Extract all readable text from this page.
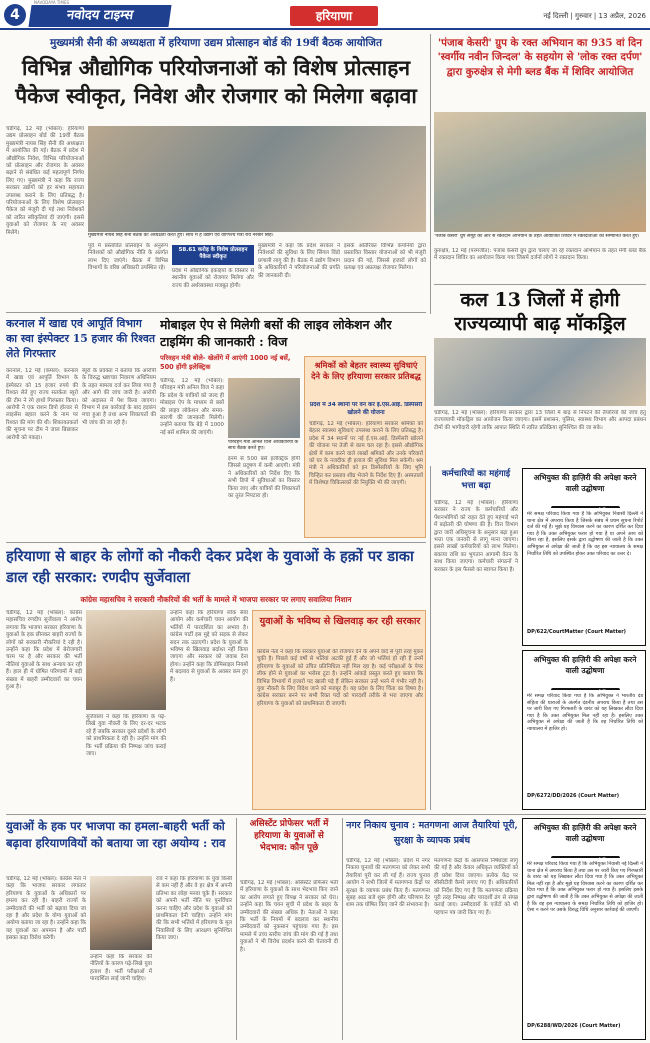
4	नवोदय टाइम्स
NAVODAYA TIMES
हरियाणा	नई दिल्ली | गुरुवार | 13 अप्रैल, 2026
मुख्यमंत्री सैनी की अध्यक्षता में हरियाणा उद्यम प्रोत्साहन बोर्ड की 19वीं बैठक आयोजित
विभिन्न औद्योगिक परियोजनाओं को विशेष प्रोत्साहन पैकेज स्वीकृत, निवेश और रोजगार को मिलेगा बढ़ावा
चंडीगढ़, 12 मई (भोबल): हरियाणा उद्यम प्रोत्साहन बोर्ड की 19वीं बैठक मुख्यमंत्री नायब सिंह सैनी की अध्यक्षता में आयोजित की गई। बैठक में प्रदेश में औद्योगिक निवेश, विभिन्न परियोजनाओं को प्रोत्साहन और रोजगार के अवसर बढ़ाने से संबंधित कई महत्वपूर्ण निर्णय लिए गए। मुख्यमंत्री ने कहा कि राज्य सरकार उद्योगों को हर संभव सहायता उपलब्ध कराने के लिए प्रतिबद्ध है। परियोजनाओं के लिए विशेष प्रोत्साहन पैकेज को मंजूरी दी गई तथा निवेशकों को त्वरित स्वीकृतियां दी जाएंगी। इससे युवाओं को रोजगार के नए अवसर मिलेंगे।	मुख्यमंत्री नायब सिंह सैनी बैठक की अध्यक्षता करते हुए। साथ में हैं उद्योग एवं वाणिज्य मंत्री राव नरबीर सिंह।
पूर्व में प्रस्तावित प्रोत्साहन के अनुरूप निवेशकों को औद्योगिक नीति के अंतर्गत लाभ दिए जाएंगे। बैठक में विभिन्न विभागों के वरिष्ठ अधिकारी उपस्थित रहे।
58.61 करोड़ के विशेष प्रोत्साहन पैकेज स्वीकृत
प्रदेश में औद्योगिक इकाइयों के विस्तार से स्थानीय युवाओं को रोजगार मिलेगा और राज्य की अर्थव्यवस्था मजबूत होगी।
मुख्यमंत्री ने कहा कि प्रदेश सरकार ने निवेशकों की सुविधा के लिए सिंगल विंडो प्रणाली लागू की है। बैठक में उद्योग विभाग के अधिकारियों ने परियोजनाओं की प्रगति की जानकारी दी।
इसके अतिरिक्त विभिन्न कंपनियों द्वारा प्रस्तावित विस्तार योजनाओं को भी मंजूरी प्रदान की गई, जिससे हजारों लोगों को प्रत्यक्ष एवं अप्रत्यक्ष रोजगार मिलेगा।
'पंजाब केसरी' ग्रुप के रक्त अभियान का 935 वां दिन 'स्वर्गीय नवीन जिन्दल' के सहयोग से 'लोक रक्त दर्पण' द्वारा कुरुक्षेत्र से मेगी ब्लड बैंक में शिविर आयोजित
'पंजाब केसरी' ग्रुप समूह की ओर से रक्तदान अभियान के तहत आयोजित शिविर में रक्तदाताओं को सम्मानित करते हुए।
कुरुक्षेत्र, 12 मई (परमजीत): पंजाब केसरी ग्रुप द्वारा चलाए जा रहे रक्तदान अभियान के तहत मेगी ब्लड बैंक में रक्तदान शिविर का आयोजन किया गया जिसमें दर्जनों लोगों ने रक्तदान किया।
कल 13 जिलों में होगी राज्यव्यापी बाढ़ मॉकड्रिल
चंडीगढ़, 12 मई (भोबल): हरियाणा सरकार द्वारा 13 जिलों में बाढ़ से निपटने की तैयारियों की जांच हेतु राज्यव्यापी मॉकड्रिल का आयोजन किया जाएगा। इसमें प्रशासन, पुलिस, स्वास्थ्य विभाग और आपदा प्रबंधन टीमों की भागीदारी रहेगी ताकि आपात स्थिति में त्वरित प्रतिक्रिया सुनिश्चित की जा सके।
करनाल में खाद्य एवं आपूर्ति विभाग का स्वा इंस्पेक्टर 15 हजार की रिश्वत लेते गिरफ्तार
करनाल, 12 मई (कमल): करनाल में खाद्य एवं आपूर्ति विभाग के इंस्पेक्टर को 15 हजार रुपये की रिश्वत लेते हुए राज्य सतर्कता ब्यूरो की टीम ने रंगे हाथों गिरफ्तार किया। आरोपी ने एक राशन डिपो होल्डर से लाइसेंस बहाल करने के नाम पर रिश्वत की मांग की थी। शिकायतकर्ता की सूचना पर टीम ने जाल बिछाकर आरोपी को पकड़ा।
ब्यूरो के प्रवक्ता ने बताया कि आरोपी के विरुद्ध भ्रष्टाचार निवारण अधिनियम के तहत मामला दर्ज कर लिया गया है और आगे की जांच जारी है। आरोपी को अदालत में पेश किया जाएगा। विभाग में इस कार्रवाई के बाद हड़कंप मचा हुआ है तथा अन्य शिकायतों की भी जांच की जा रही है।
मोबाइल ऐप से मिलेगी बसों की लाइव लोकेशन और टाइमिंग की जानकारी : विज
परिवहन मंत्री बोले- खेलोंगे में आएंगी 1000 नई बसें, 500 होंगी इलेक्ट्रिक
चंडीगढ़, 12 मई (भोबल): परिवहन मंत्री अनिल विज ने कहा कि प्रदेश के यात्रियों को जल्द ही मोबाइल ऐप के माध्यम से बसों की लाइव लोकेशन और समय-सारणी की जानकारी मिलेगी। उन्होंने बताया कि बेड़े में 1000 नई बसें शामिल की जाएंगी।
परिवहन मंत्री अनिल विज अधिकारियों के साथ बैठक करते हुए।
इनमें से 500 बसें इलेक्ट्रिक होंगी जिससे प्रदूषण में कमी आएगी। मंत्री ने अधिकारियों को निर्देश दिए कि सभी डिपो में सुविधाओं का विस्तार किया जाए और यात्रियों की शिकायतों का तुरंत निपटारा हो।
श्रमिकों को बेहतर स्वास्थ्य सुविधाएं देने के लिए हरियाणा सरकार प्रतिबद्ध
प्रदेश में 34 स्थानों पर वन कर ई.एस.आई. डिस्पेंसरी खोलने की योजना
चंडीगढ़, 12 मई (भोबल): हरियाणा सरकार श्रमिकों को बेहतर स्वास्थ्य सुविधाएं उपलब्ध कराने के लिए प्रतिबद्ध है। प्रदेश में 34 स्थानों पर नई ई.एस.आई. डिस्पेंसरी खोलने की योजना पर तेजी से काम चल रहा है। इससे औद्योगिक क्षेत्रों में काम करने वाले लाखों श्रमिकों और उनके परिवारों को घर के नजदीक ही इलाज की सुविधा मिल सकेगी। श्रम मंत्री ने अधिकारियों को इन डिस्पेंसरियों के लिए भूमि चिन्हित कर प्रस्ताव शीघ्र भेजने के निर्देश दिए हैं। अस्पतालों में विशेषज्ञ चिकित्सकों की नियुक्ति भी की जाएगी।
हरियाणा से बाहर के लोगों को नौकरी देकर प्रदेश के युवाओं के हक़ों पर डाका डाल रही सरकार: रणदीप सुर्जेवाला
कांग्रेस महासचिव ने सरकारी नौकरियों की भर्ती के मामले में भाजपा सरकार पर लगाए सवालिया निशान
चंडीगढ़, 12 मई (भोबल): कांग्रेस महासचिव रणदीप सुर्जेवाला ने आरोप लगाया कि भाजपा सरकार हरियाणा के युवाओं के हक छीनकर बाहरी राज्यों के लोगों को सरकारी नौकरियां दे रही है। उन्होंने कहा कि प्रदेश में बेरोजगारी चरम पर है और सरकार की भर्ती नीतियां युवाओं के साथ अन्याय कर रही हैं। हाल ही में घोषित परिणामों में बड़ी संख्या में बाहरी उम्मीदवारों का चयन हुआ है।
सुर्जेवाला ने कहा कि हरियाणा के पढ़े-लिखे युवा नौकरी के लिए दर-दर भटक रहे हैं जबकि सरकार दूसरे प्रदेशों के लोगों को प्राथमिकता दे रही है। उन्होंने मांग की कि भर्ती प्रक्रिया की निष्पक्ष जांच कराई जाए।
उन्होंने कहा कि हरियाणा लोक सेवा आयोग और कर्मचारी चयन आयोग की भर्तियों में पारदर्शिता का अभाव है। कांग्रेस पार्टी इस मुद्दे को सड़क से लेकर सदन तक उठाएगी। प्रदेश के युवाओं के भविष्य से खिलवाड़ बर्दाश्त नहीं किया जाएगा और सरकार को जवाब देना होगा। उन्होंने कहा कि डोमिसाइल नियमों में बदलाव से युवाओं के अवसर कम हुए हैं।
युवाओं के भविष्य से खिलवाड़ कर रही सरकार
कांग्रेस नेता ने कहा कि सरकार युवाओं को रोजगार देने के अपने वादे से पूरी तरह मुकर चुकी है। पिछले कई वर्षों से भर्तियां अटकी हुई हैं और जो भर्तियां हो रही हैं उनमें हरियाणा के युवाओं को उचित प्रतिनिधित्व नहीं मिल रहा है। कई परीक्षाओं के पेपर लीक होने से युवाओं का भरोसा टूटा है। उन्होंने आंकड़े प्रस्तुत करते हुए बताया कि विभिन्न विभागों में हजारों पद खाली पड़े हैं लेकिन सरकार उन्हें भरने में गंभीर नहीं है। युवा नौकरी के लिए विदेश जाने को मजबूर हैं। यह प्रदेश के लिए चिंता का विषय है। कांग्रेस सरकार बनने पर सभी रिक्त पदों को पारदर्शी तरीके से भरा जाएगा और हरियाणा के युवाओं को प्राथमिकता दी जाएगी।
कर्मचारियों का महंगाई भत्ता बढ़ा
चंडीगढ़, 12 मई (भोबल): हरियाणा सरकार ने राज्य के कर्मचारियों और पेंशनभोगियों को राहत देते हुए महंगाई भत्ते में बढ़ोतरी की घोषणा की है। वित्त विभाग द्वारा जारी अधिसूचना के अनुसार बढ़ा हुआ भत्ता एक जनवरी से लागू माना जाएगा। इससे लाखों कर्मचारियों को लाभ मिलेगा। बकाया राशि का भुगतान आगामी वेतन के साथ किया जाएगा। कर्मचारी संगठनों ने सरकार के इस फैसले का स्वागत किया है।
अभियुक्त की हाज़िरी की अपेक्षा करने वाली उद्घोषणा
मेरे समक्ष परिवाद किया गया है कि अभियुक्त निवासी दिल्ली ने थाना क्षेत्र में अपराध किया है जिसके संबंध में प्रथम सूचना रिपोर्ट दर्ज की गई है। मुझे यह विश्वास करने का कारण दर्शित कर दिया गया है कि उक्त अभियुक्त फरार हो गया है या अपने आप को छिपा रहा है, इसलिए इसके द्वारा उद्घोषणा की जाती है कि उक्त अभियुक्त से अपेक्षा की जाती है कि वह इस न्यायालय के समक्ष निर्धारित तिथि को उपस्थित होकर उक्त परिवाद का उत्तर दे।
DP/622/CourtMatter (Court Matter)
अभियुक्त की हाज़िरी की अपेक्षा करने वाली उद्घोषणा
मेरे समक्ष परिवाद किया गया है कि अभियुक्त ने भारतीय दंड संहिता की धाराओं के अंतर्गत दंडनीय अपराध किया है तथा उस पर जारी किए गए गिरफ्तारी के वारंट को यह लिखकर लौटा दिया गया है कि उक्त अभियुक्त मिल नहीं रहा है। इसलिए उक्त अभियुक्त से अपेक्षा की जाती है कि वह निर्धारित तिथि को न्यायालय में हाजिर हो।
DP/6272/DD/2026 (Court Matter)
युवाओं के हक पर भाजपा का हमला-बाहरी भर्ती को बढ़ावा हरियाणवियों को बताया जा रहा अयोग्य : राव
चंडीगढ़, 12 मई (भोबल): कांग्रेस नेता ने कहा कि भाजपा सरकार लगातार हरियाणा के युवाओं के अधिकारों पर हमला कर रही है। बाहरी राज्यों के उम्मीदवारों की भर्ती को बढ़ावा दिया जा रहा है और प्रदेश के योग्य युवाओं को अयोग्य बताया जा रहा है। उन्होंने कहा कि यह युवाओं का अपमान है और पार्टी इसका कड़ा विरोध करेगी।
उन्होंने कहा कि सरकार की नीतियों के कारण पढ़े-लिखे युवा हताश हैं। भर्ती परीक्षाओं में पारदर्शिता लाई जानी चाहिए।
राव ने कहा कि हरियाणा के युवा किसी से कम नहीं हैं और वे हर क्षेत्र में अपनी प्रतिभा का लोहा मनवा चुके हैं। सरकार को अपनी भर्ती नीति पर पुनर्विचार करना चाहिए और प्रदेश के युवाओं को प्राथमिकता देनी चाहिए। उन्होंने मांग की कि सभी भर्तियों में हरियाणा के मूल निवासियों के लिए आरक्षण सुनिश्चित किया जाए।
असिस्टेंट प्रोफेसर भर्ती में हरियाणा के युवाओं से भेदभाव: कौन पूछे
चंडीगढ़, 12 मई (भोबल): असिस्टेंट प्रोफेसर भर्ती में हरियाणा के युवाओं के साथ भेदभाव किए जाने का आरोप लगाते हुए विपक्ष ने सरकार को घेरा। उन्होंने कहा कि चयन सूची में प्रदेश के बाहर के उम्मीदवारों की संख्या अधिक है। नेताओं ने कहा कि भर्ती के नियमों में बदलाव कर स्थानीय उम्मीदवारों को नुकसान पहुंचाया गया है। इस मामले में उच्च स्तरीय जांच की मांग की गई है तथा युवाओं ने भी विरोध प्रदर्शन करने की चेतावनी दी है।
नगर निकाय चुनाव : मतगणना आज तैयारियां पूरी, सुरक्षा के व्यापक प्रबंध
चंडीगढ़, 12 मई (भोबल): प्रदेश में नगर निकाय चुनावों की मतगणना को लेकर सभी तैयारियां पूरी कर ली गई हैं। राज्य चुनाव आयोग ने सभी जिलों में मतगणना केंद्रों पर सुरक्षा के व्यापक प्रबंध किए हैं। मतगणना सुबह आठ बजे शुरू होगी और परिणाम देर शाम तक घोषित किए जाने की संभावना है।
मतगणना केंद्रों के आसपास निषेधाज्ञा लागू की गई है और केवल अधिकृत व्यक्तियों को ही प्रवेश दिया जाएगा। प्रत्येक केंद्र पर सीसीटीवी कैमरे लगाए गए हैं। अधिकारियों को निर्देश दिए गए हैं कि मतगणना प्रक्रिया पूरी तरह निष्पक्ष और पारदर्शी ढंग से संपन्न कराई जाए। उम्मीदवारों के एजेंटों को भी पहचान पत्र जारी किए गए हैं।
अभियुक्त की हाज़िरी की अपेक्षा करने वाली उद्घोषणा
मेरे समक्ष परिवाद किया गया है कि अभियुक्त निवासी नई दिल्ली ने थाना क्षेत्र में अपराध किया है तथा उस पर जारी किए गए गिरफ्तारी के वारंट को यह लिखकर लौटा दिया गया है कि उक्त अभियुक्त मिल नहीं रहा है और मुझे यह विश्वास करने का कारण दर्शित कर दिया गया है कि उक्त अभियुक्त फरार हो गया है। इसलिए इसके द्वारा उद्घोषणा की जाती है कि उक्त अभियुक्त से अपेक्षा की जाती है कि वह इस न्यायालय के समक्ष निर्धारित तिथि को हाजिर हो। ऐसा न करने पर उसके विरुद्ध विधि अनुसार कार्रवाई की जाएगी।
DP/6288/WD/2026 (Court Matter)
